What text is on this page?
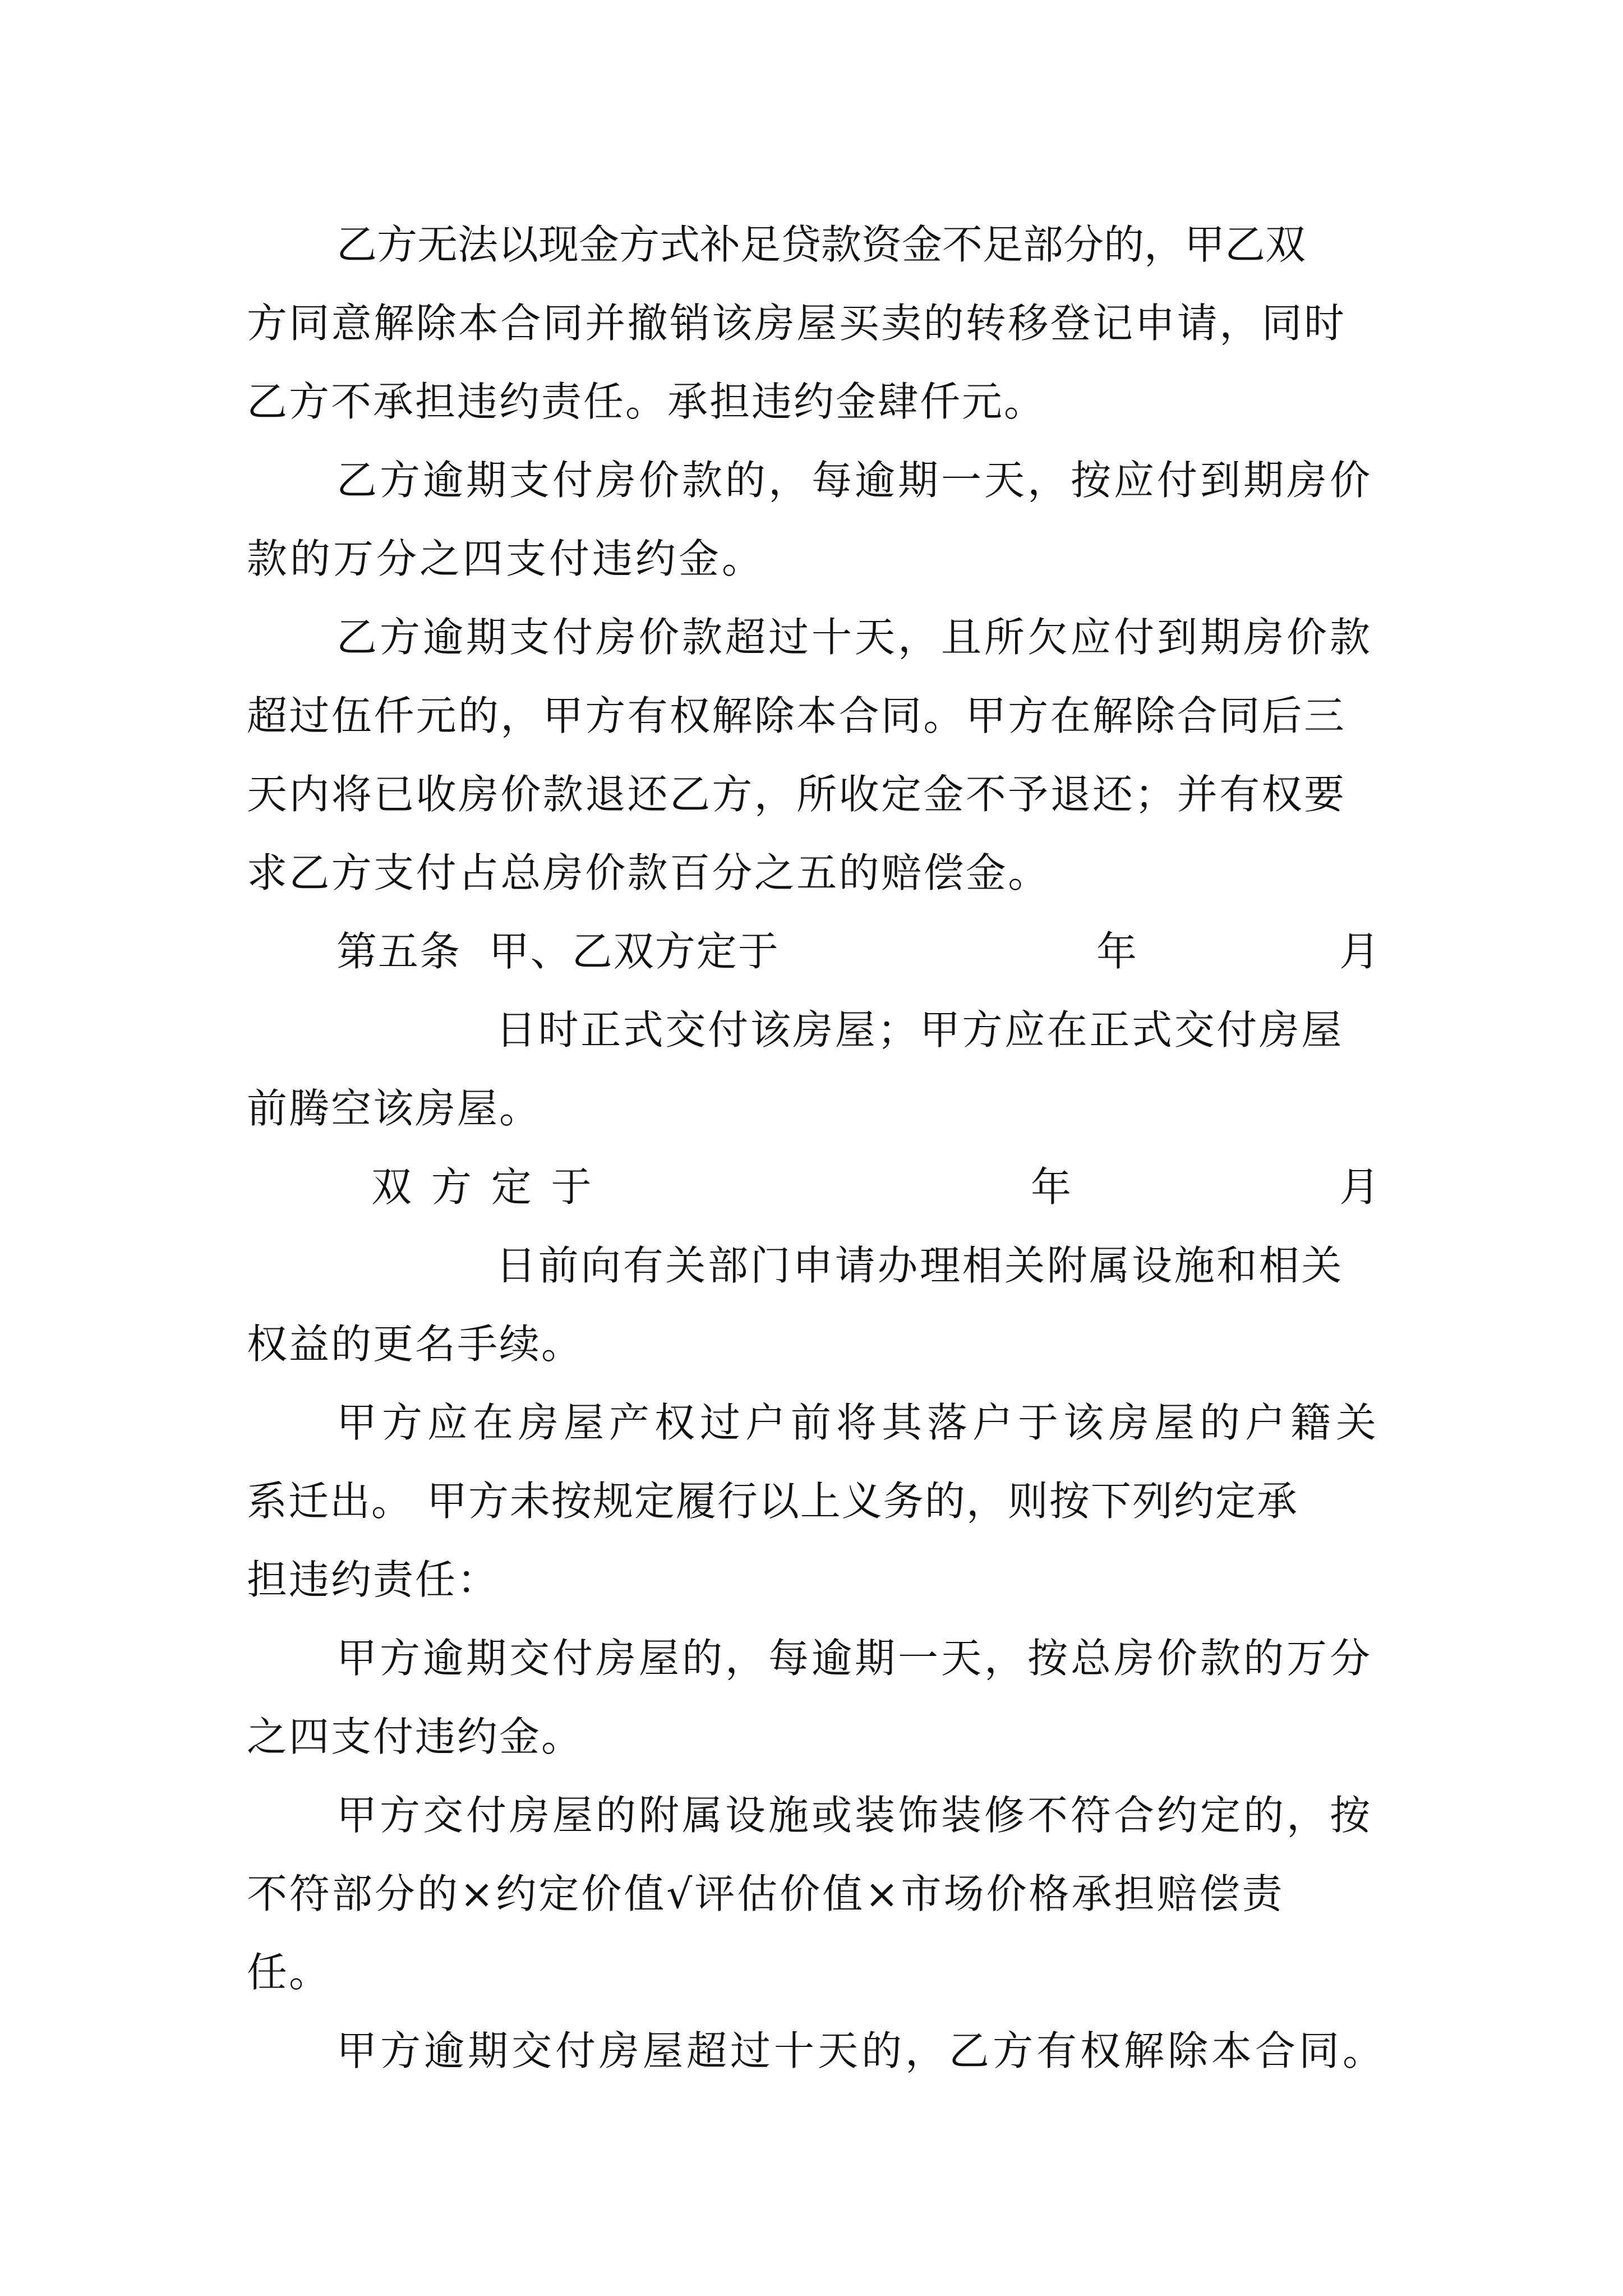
乙方无法以现金方式补足贷款资金不足部分的，甲乙双
方同意解除本合同并撤销该房屋买卖的转移登记申请，同时
乙方不承担违约责任。承担违约金肆仟元。
乙方逾期支付房价款的，每逾期一天，按应付到期房价
款的万分之四支付违约金。
乙方逾期支付房价款超过十天，且所欠应付到期房价款
超过伍仟元的，甲方有权解除本合同。甲方在解除合同后三
天内将已收房价款退还乙方，所收定金不予退还；并有权要
求乙方支付占总房价款百分之五的赔偿金。
第五条  甲、乙双方定于	年	月
日时正式交付该房屋；甲方应在正式交付房屋
前腾空该房屋。
双 方 定 于	年	月
日前向有关部门申请办理相关附属设施和相关
权益的更名手续。
甲方应在房屋产权过户前将其落户于该房屋的户籍关
系迁出。 甲方未按规定履行以上义务的，则按下列约定承
担违约责任：
甲方逾期交付房屋的，每逾期一天，按总房价款的万分
之四支付违约金。
甲方交付房屋的附属设施或装饰装修不符合约定的，按
不符部分的×约定价值√评估价值×市场价格承担赔偿责
任。
甲方逾期交付房屋超过十天的，乙方有权解除本合同。
